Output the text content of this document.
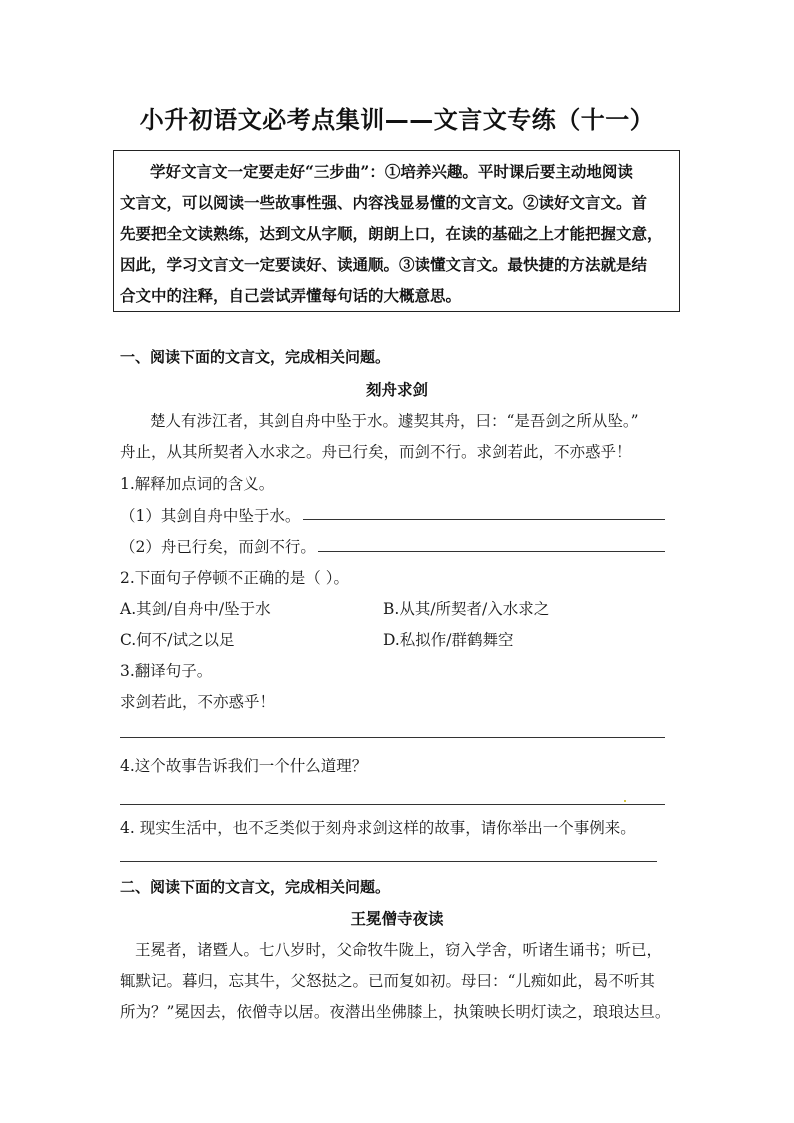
小升初语文必考点集训——文言文专练（十一）
学好文言文一定要走好“三步曲”：①培养兴趣。平时课后要主动地阅读
文言文，可以阅读一些故事性强、内容浅显易懂的文言文。②读好文言文。首
先要把全文读熟练，达到文从字顺，朗朗上口，在读的基础之上才能把握文意，
因此，学习文言文一定要读好、读通顺。③读懂文言文。最快捷的方法就是结
合文中的注释，自己尝试弄懂每句话的大概意思。
一、阅读下面的文言文，完成相关问题。
刻舟求剑
楚人有涉江者，其剑自舟中坠于水。遽契其舟，曰：“是吾剑之所从坠。”
舟止，从其所契者入水求之。舟已行矣，而剑不行。求剑若此，不亦惑乎！
1.解释加点词的含义。
（1）其剑自舟中坠于水。
（2）舟已行矣，而剑不行。
2.下面句子停顿不正确的是（ ）。
A.其剑/自舟中/坠于水	B.从其/所契者/入水求之
C.何不/试之以足	D.私拟作/群鹤舞空
3.翻译句子。
求剑若此，不亦惑乎！
4.这个故事告诉我们一个什么道理？
4. 现实生活中，也不乏类似于刻舟求剑这样的故事，请你举出一个事例来。
二、阅读下面的文言文，完成相关问题。
王冕僧寺夜读
王冕者，诸暨人。七八岁时，父命牧牛陇上，窃入学舍，听诸生诵书；听已，
辄默记。暮归，忘其牛，父怒挞之。已而复如初。母曰：“儿痴如此，曷不听其
所为？”冕因去，依僧寺以居。夜潜出坐佛膝上，执策映长明灯读之，琅琅达旦。
